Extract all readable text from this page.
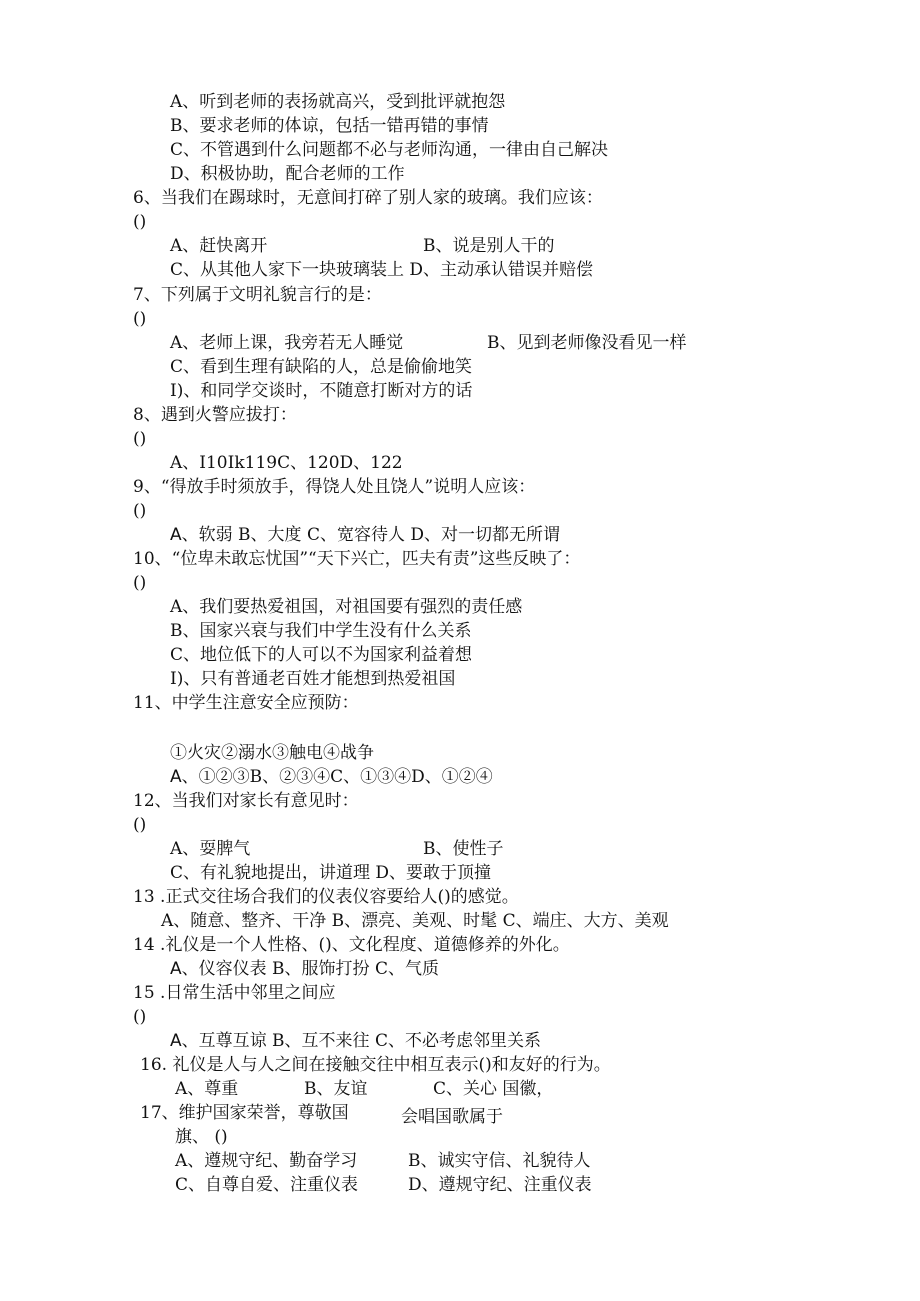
A、听到老师的表扬就高兴，受到批评就抱怨
B、要求老师的体谅，包括一错再错的事情
C、不管遇到什么问题都不必与老师沟通，一律由自己解决
D、积极协助，配合老师的工作
6、当我们在踢球时，无意间打碎了别人家的玻璃。我们应该：
()
A、赶快离开	B、说是别人干的
C、从其他人家下一块玻璃装上 D、主动承认错误并赔偿
7、下列属于文明礼貌言行的是：
()
A、老师上课，我旁若无人睡觉	B、见到老师像没看见一样
C、看到生理有缺陷的人，总是偷偷地笑
I)、和同学交谈时，不随意打断对方的话
8、遇到火警应拔打：
()
A、I10Ik119C、120D、122
9、“得放手时须放手，得饶人处且饶人”说明人应该：
()
A、软弱 B、大度 C、宽容待人 D、对一切都无所谓
10、“位卑未敢忘忧国”“天下兴亡，匹夫有责”这些反映了：
()
A、我们要热爱祖国，对祖国要有强烈的责任感
B、国家兴衰与我们中学生没有什么关系
C、地位低下的人可以不为国家利益着想
I)、只有普通老百姓才能想到热爱祖国
11、中学生注意安全应预防：
①火灾②溺水③触电④战争
A、①②③B、②③④C、①③④D、①②④
12、当我们对家长有意见时：
()
A、耍脾气	B、使性子
C、有礼貌地提出，讲道理 D、要敢于顶撞
13 .正式交往场合我们的仪表仪容要给人()的感觉。
A、随意、整齐、干净 B、漂亮、美观、时髦 C、端庄、大方、美观
14 .礼仪是一个人性格、()、文化程度、道德修养的外化。
A、仪容仪表 B、服饰打扮 C、气质
15 .日常生活中邻里之间应
()
A、互尊互谅 B、互不来往 C、不必考虑邻里关系
16. 礼仪是人与人之间在接触交往中相互表示()和友好的行为。
A、尊重	B、友谊	C、关心 国徽，
17、维护国家荣誉，尊敬国	会唱国歌属于
旗、 ()
A、遵规守纪、勤奋学习	B、诚实守信、礼貌待人
C、自尊自爱、注重仪表	D、遵规守纪、注重仪表
